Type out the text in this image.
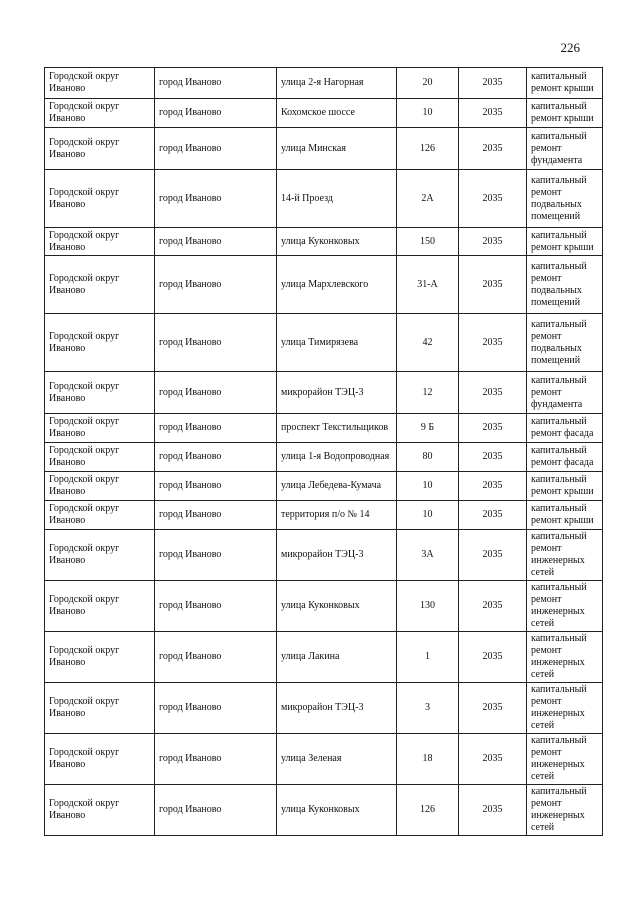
226
Городской округ Иваново	город Иваново	улица 2-я Нагорная	20	2035	капитальный ремонт крыши
Городской округ Иваново	город Иваново	Кохомское шоссе	10	2035	капитальный ремонт крыши
Городской округ Иваново	город Иваново	улица Минская	126	2035	капитальный ремонт фундамента
Городской округ Иваново	город Иваново	14-й Проезд	2А	2035	капитальный ремонт подвальных помещений
Городской округ Иваново	город Иваново	улица Куконковых	150	2035	капитальный ремонт крыши
Городской округ Иваново	город Иваново	улица Мархлевского	31-А	2035	капитальный ремонт подвальных помещений
Городской округ Иваново	город Иваново	улица Тимирязева	42	2035	капитальный ремонт подвальных помещений
Городской округ Иваново	город Иваново	микрорайон ТЭЦ-3	12	2035	капитальный ремонт фундамента
Городской округ Иваново	город Иваново	проспект Текстильщиков	9 Б	2035	капитальный ремонт фасада
Городской округ Иваново	город Иваново	улица 1-я Водопроводная	80	2035	капитальный ремонт фасада
Городской округ Иваново	город Иваново	улица Лебедева-Кумача	10	2035	капитальный ремонт крыши
Городской округ Иваново	город Иваново	территория п/о № 14	10	2035	капитальный ремонт крыши
Городской округ Иваново	город Иваново	микрорайон ТЭЦ-3	3А	2035	капитальный ремонт инженерных сетей
Городской округ Иваново	город Иваново	улица Куконковых	130	2035	капитальный ремонт инженерных сетей
Городской округ Иваново	город Иваново	улица Лакина	1	2035	капитальный ремонт инженерных сетей
Городской округ Иваново	город Иваново	микрорайон ТЭЦ-3	3	2035	капитальный ремонт инженерных сетей
Городской округ Иваново	город Иваново	улица Зеленая	18	2035	капитальный ремонт инженерных сетей
Городской округ Иваново	город Иваново	улица Куконковых	126	2035	капитальный ремонт инженерных сетей
